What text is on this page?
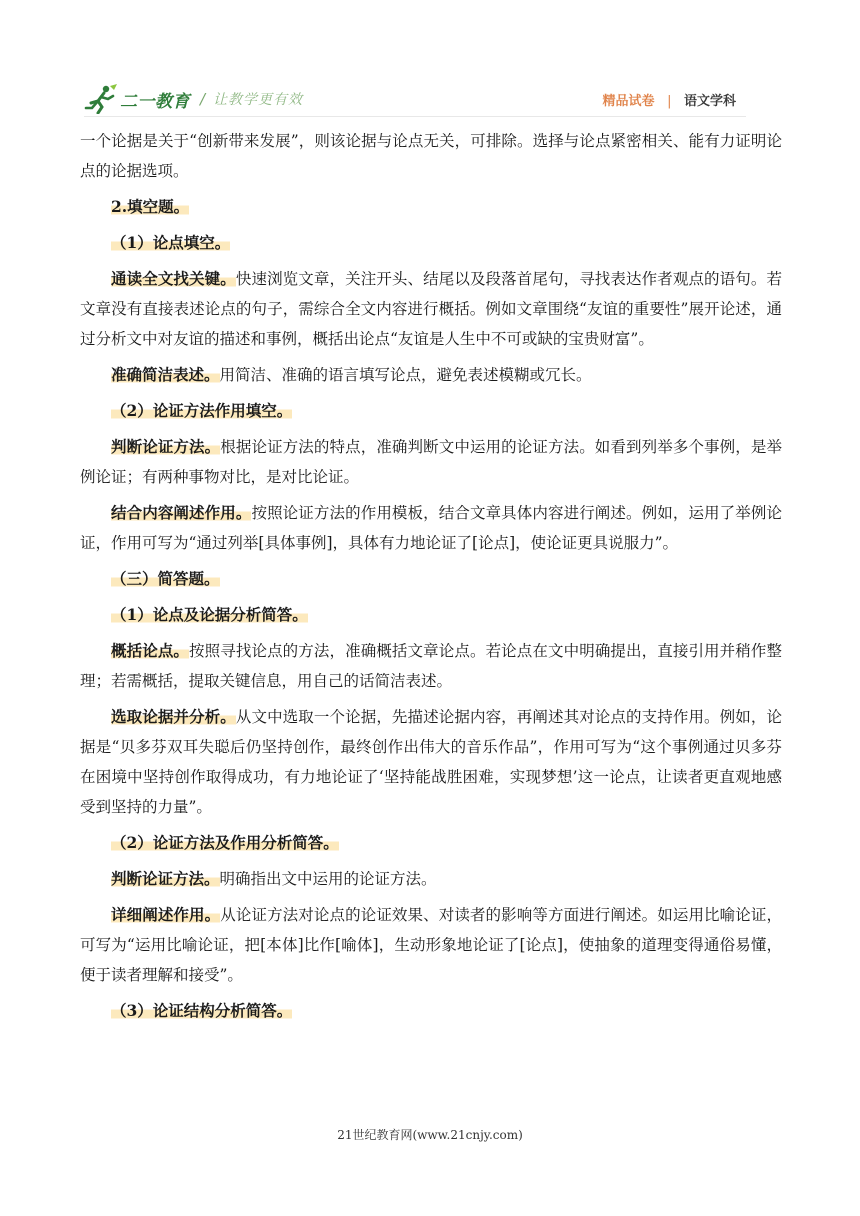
二一教育 / 让教学更有效	精品试卷 | 语文学科

一个论据是关于“创新带来发展”，则该论据与论点无关，可排除。选择与论点紧密相关、能有力证明论点的论据选项。

2.填空题。

（1）论点填空。

通读全文找关键。快速浏览文章，关注开头、结尾以及段落首尾句，寻找表达作者观点的语句。若文章没有直接表述论点的句子，需综合全文内容进行概括。例如文章围绕“友谊的重要性”展开论述，通过分析文中对友谊的描述和事例，概括出论点“友谊是人生中不可或缺的宝贵财富”。

准确简洁表述。用简洁、准确的语言填写论点，避免表述模糊或冗长。

（2）论证方法作用填空。

判断论证方法。根据论证方法的特点，准确判断文中运用的论证方法。如看到列举多个事例，是举例论证；有两种事物对比，是对比论证。

结合内容阐述作用。按照论证方法的作用模板，结合文章具体内容进行阐述。例如，运用了举例论证，作用可写为“通过列举[具体事例]，具体有力地论证了[论点]，使论证更具说服力”。

（三）简答题。

（1）论点及论据分析简答。

概括论点。按照寻找论点的方法，准确概括文章论点。若论点在文中明确提出，直接引用并稍作整理；若需概括，提取关键信息，用自己的话简洁表述。

选取论据并分析。从文中选取一个论据，先描述论据内容，再阐述其对论点的支持作用。例如，论据是“贝多芬双耳失聪后仍坚持创作，最终创作出伟大的音乐作品”，作用可写为“这个事例通过贝多芬在困境中坚持创作取得成功，有力地论证了‘坚持能战胜困难，实现梦想’这一论点，让读者更直观地感受到坚持的力量”。

（2）论证方法及作用分析简答。

判断论证方法。明确指出文中运用的论证方法。

详细阐述作用。从论证方法对论点的论证效果、对读者的影响等方面进行阐述。如运用比喻论证，可写为“运用比喻论证，把[本体]比作[喻体]，生动形象地论证了[论点]，使抽象的道理变得通俗易懂，便于读者理解和接受”。

（3）论证结构分析简答。

21世纪教育网(www.21cnjy.com)
